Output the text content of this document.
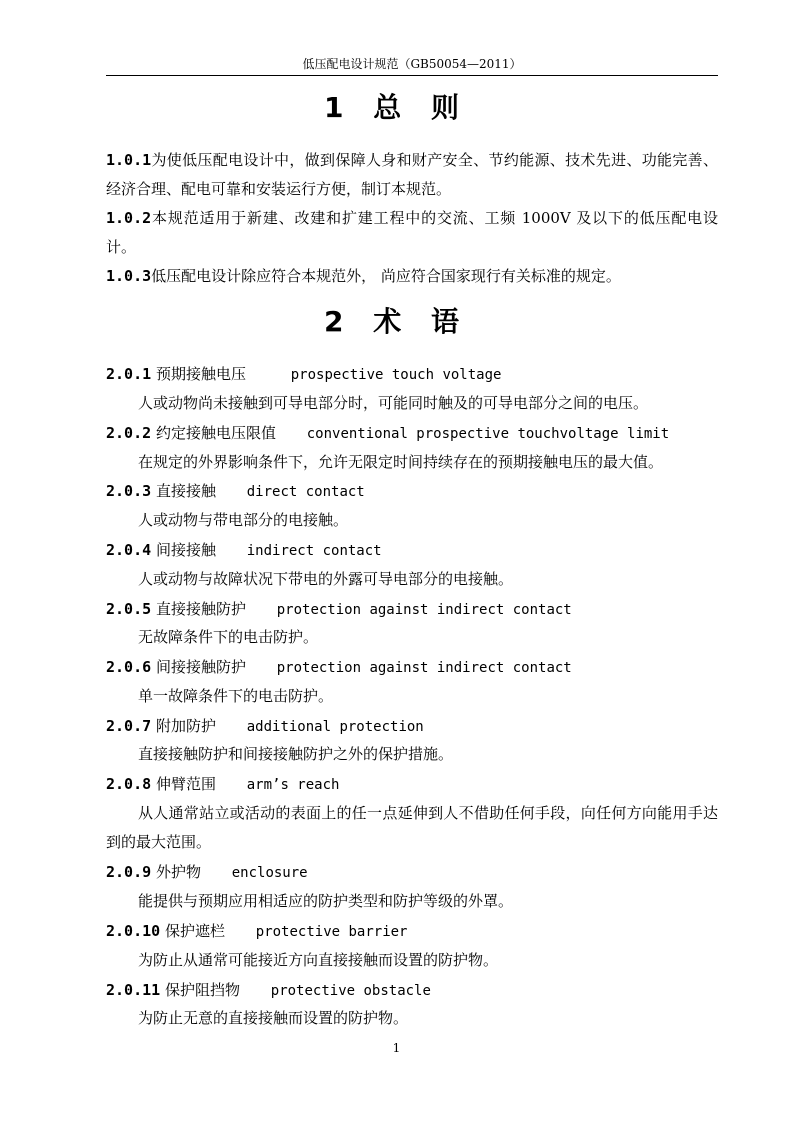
低压配电设计规范（GB50054—2011）
1 总 则
1.0.1为使低压配电设计中，做到保障人身和财产安全、节约能源、技术先进、功能完善、经济合理、配电可靠和安装运行方便，制订本规范。
1.0.2本规范适用于新建、改建和扩建工程中的交流、工频 1000V 及以下的低压配电设计。
1.0.3低压配电设计除应符合本规范外， 尚应符合国家现行有关标准的规定。
2 术 语
2.0.1 预期接触电压	prospective touch voltage
人或动物尚未接触到可导电部分时，可能同时触及的可导电部分之间的电压。
2.0.2 约定接触电压限值 conventional prospective touchvoltage limit
在规定的外界影响条件下，允许无限定时间持续存在的预期接触电压的最大值。
2.0.3 直接接触 direct contact
人或动物与带电部分的电接触。
2.0.4 间接接触 indirect contact
人或动物与故障状况下带电的外露可导电部分的电接触。
2.0.5 直接接触防护 protection against indirect contact
无故障条件下的电击防护。
2.0.6 间接接触防护 protection against indirect contact
单一故障条件下的电击防护。
2.0.7 附加防护 additional protection
直接接触防护和间接接触防护之外的保护措施。
2.0.8 伸臂范围 arm’s reach
从人通常站立或活动的表面上的任一点延伸到人不借助任何手段，向任何方向能用手达到的最大范围。
2.0.9 外护物 enclosure
能提供与预期应用相适应的防护类型和防护等级的外罩。
2.0.10 保护遮栏 protective barrier
为防止从通常可能接近方向直接接触而设置的防护物。
2.0.11 保护阻挡物 protective obstacle
为防止无意的直接接触而设置的防护物。
1
